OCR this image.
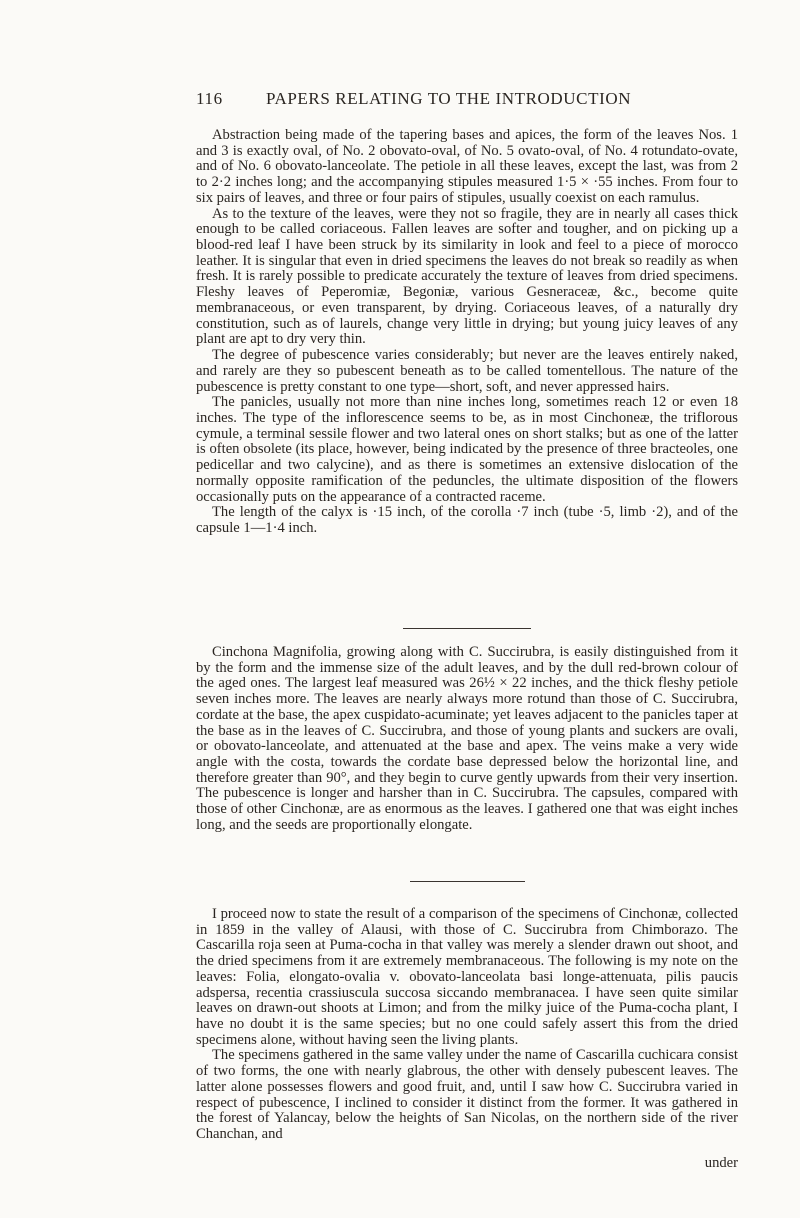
116	PAPERS RELATING TO THE INTRODUCTION

Abstraction being made of the tapering bases and apices, the form of the leaves Nos. 1 and 3 is exactly oval, of No. 2 obovato-oval, of No. 5 ovato-oval, of No. 4 rotundato-ovate, and of No. 6 obovato-lanceolate. The petiole in all these leaves, except the last, was from 2 to 2·2 inches long; and the accompanying stipules measured 1·5 × ·55 inches. From four to six pairs of leaves, and three or four pairs of stipules, usually coexist on each ramulus.

As to the texture of the leaves, were they not so fragile, they are in nearly all cases thick enough to be called coriaceous. Fallen leaves are softer and tougher, and on picking up a blood-red leaf I have been struck by its similarity in look and feel to a piece of morocco leather. It is singular that even in dried specimens the leaves do not break so readily as when fresh. It is rarely possible to predicate accurately the texture of leaves from dried specimens. Fleshy leaves of Peperomiæ, Begoniæ, various Gesneraceæ, &c., become quite membranaceous, or even transparent, by drying. Coriaceous leaves, of a naturally dry constitution, such as of laurels, change very little in drying; but young juicy leaves of any plant are apt to dry very thin.

The degree of pubescence varies considerably; but never are the leaves entirely naked, and rarely are they so pubescent beneath as to be called tomentellous. The nature of the pubescence is pretty constant to one type—short, soft, and never appressed hairs.

The panicles, usually not more than nine inches long, sometimes reach 12 or even 18 inches. The type of the inflorescence seems to be, as in most Cinchoneæ, the triflorous cymule, a terminal sessile flower and two lateral ones on short stalks; but as one of the latter is often obsolete (its place, however, being indicated by the presence of three bracteoles, one pedicellar and two calycine), and as there is sometimes an extensive dislocation of the normally opposite ramification of the peduncles, the ultimate disposition of the flowers occasionally puts on the appearance of a contracted raceme.

The length of the calyx is ·15 inch, of the corolla ·7 inch (tube ·5, limb ·2), and of the capsule 1—1·4 inch.

Cinchona Magnifolia, growing along with C. Succirubra, is easily distinguished from it by the form and the immense size of the adult leaves, and by the dull red-brown colour of the aged ones. The largest leaf measured was 26½ × 22 inches, and the thick fleshy petiole seven inches more. The leaves are nearly always more rotund than those of C. Succirubra, cordate at the base, the apex cuspidato-acuminate; yet leaves adjacent to the panicles taper at the base as in the leaves of C. Succirubra, and those of young plants and suckers are ovali, or obovato-lanceolate, and attenuated at the base and apex. The veins make a very wide angle with the costa, towards the cordate base depressed below the horizontal line, and therefore greater than 90°, and they begin to curve gently upwards from their very insertion. The pubescence is longer and harsher than in C. Succirubra. The capsules, compared with those of other Cinchonæ, are as enormous as the leaves. I gathered one that was eight inches long, and the seeds are proportionally elongate.

I proceed now to state the result of a comparison of the specimens of Cinchonæ, collected in 1859 in the valley of Alausi, with those of C. Succirubra from Chimborazo. The Cascarilla roja seen at Puma-cocha in that valley was merely a slender drawn out shoot, and the dried specimens from it are extremely membranaceous. The following is my note on the leaves: Folia, elongato-ovalia v. obovato-lanceolata basi longe-attenuata, pilis paucis adspersa, recentia crassiuscula succosa siccando membranacea. I have seen quite similar leaves on drawn-out shoots at Limon; and from the milky juice of the Puma-cocha plant, I have no doubt it is the same species; but no one could safely assert this from the dried specimens alone, without having seen the living plants.

The specimens gathered in the same valley under the name of Cascarilla cuchicara consist of two forms, the one with nearly glabrous, the other with densely pubescent leaves. The latter alone possesses flowers and good fruit, and, until I saw how C. Succirubra varied in respect of pubescence, I inclined to consider it distinct from the former. It was gathered in the forest of Yalancay, below the heights of San Nicolas, on the northern side of the river Chanchan, and

under
